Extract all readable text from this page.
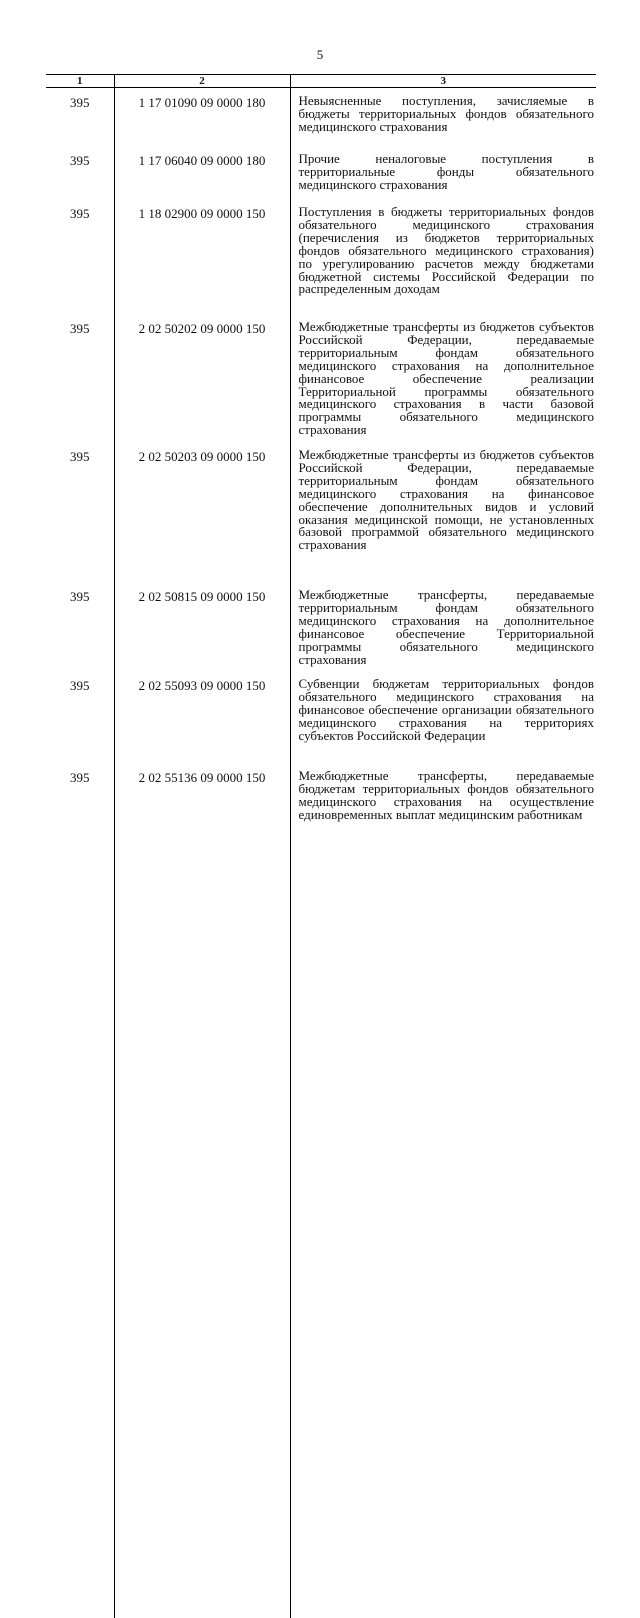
5
1	2	3
395	1 17 01090 09 0000 180	Невыясненные поступления, зачисляемые в бюджеты территориальных фондов обязательного медицинского страхования

395	1 17 06040 09 0000 180	Прочие неналоговые поступления в территориальные фонды обязательного медицинского страхования

395	1 18 02900 09 0000 150	Поступления в бюджеты территориальных фондов обязательного медицинского страхования (перечисления из бюджетов территориальных фондов обязательного медицинского страхования) по урегулированию расчетов между бюджетами бюджетной системы Российской Федерации по распределенным доходам

395	2 02 50202 09 0000 150	Межбюджетные трансферты из бюджетов субъектов Российской Федерации, передаваемые территориальным фондам обязательного медицинского страхования на дополнительное финансовое обеспечение реализации Территориальной программы обязательного медицинского страхования в части базовой программы обязательного медицинского страхования

395	2 02 50203 09 0000 150	Межбюджетные трансферты из бюджетов субъектов Российской Федерации, передаваемые территориальным фондам обязательного медицинского страхования на финансовое обеспечение дополнительных видов и условий оказания медицинской помощи, не установленных базовой программой обязательного медицинского страхования

395	2 02 50815 09 0000 150	Межбюджетные трансферты, передаваемые территориальным фондам обязательного медицинского страхования на дополнительное финансовое обеспечение Территориальной программы обязательного медицинского страхования

395	2 02 55093 09 0000 150	Субвенции бюджетам территориальных фондов обязательного медицинского страхования на финансовое обеспечение организации обязательного медицинского страхования на территориях субъектов Российской Федерации

395	2 02 55136 09 0000 150	Межбюджетные трансферты, передаваемые бюджетам территориальных фондов обязательного медицинского страхования на осуществление единовременных выплат медицинским работникам
